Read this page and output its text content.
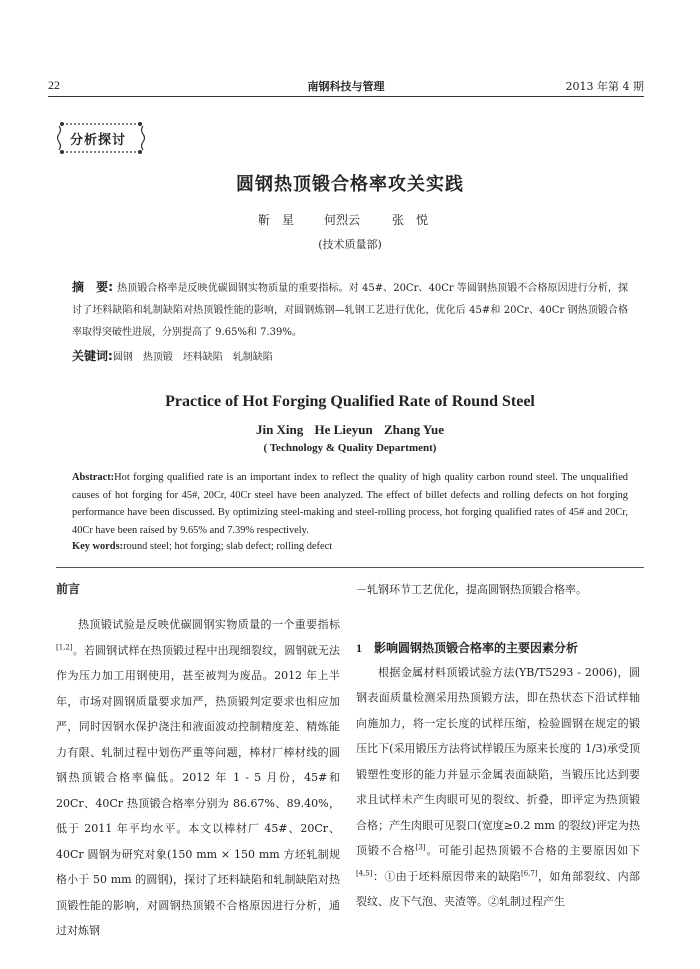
22	南钢科技与管理	2013 年第 4 期
分析探讨
圆钢热顶锻合格率攻关实践
靳　星 何烈云	张　悦
(技术质量部)
摘　要: 热顶锻合格率是反映优碳圆钢实物质量的重要指标。对 45#、20Cr、40Cr 等圆钢热顶锻不合格原因进行分析，探讨了坯料缺陷和轧制缺陷对热顶锻性能的影响，对圆钢炼钢—轧钢工艺进行优化，优化后 45#和 20Cr、40Cr 钢热顶锻合格率取得突破性进展，分别提高了 9.65%和 7.39%。
关键词:圆钢 热顶锻 坯料缺陷 轧制缺陷
Practice of Hot Forging Qualified Rate of Round Steel
Jin Xing He Lieyun Zhang Yue
( Technology & Quality Department)
Abstract:Hot forging qualified rate is an important index to reflect the quality of high quality carbon round steel. The unqualified causes of hot forging for 45#, 20Cr, 40Cr steel have been analyzed. The effect of billet defects and rolling defects on hot forging performance have been discussed. By optimizing steel-making and steel-rolling process, hot forging qualified rates of 45# and 20Cr, 40Cr have been raised by 9.65% and 7.39% respectively.
Key words:round steel; hot forging; slab defect; rolling defect
前言

热顶锻试验是反映优碳圆钢实物质量的一个重要指标[1,2]。若圆钢试样在热顶锻过程中出现细裂纹，圆钢就无法作为压力加工用钢使用，甚至被判为废品。2012 年上半年，市场对圆钢质量要求加严，热顶锻判定要求也相应加严，同时因钢水保护浇注和液面波动控制精度差、精炼能力有限、轧制过程中划伤严重等问题，棒材厂棒材线的圆钢热顶锻合格率偏低。2012 年 1 - 5 月份，45#和 20Cr、40Cr 热顶锻合格率分别为 86.67%、89.40%，低于 2011 年平均水平。本文以棒材厂 45#、20Cr、40Cr 圆钢为研究对象(150 mm × 150 mm 方坯轧制规格小于 50 mm 的圆钢)，探讨了坯料缺陷和轧制缺陷对热顶锻性能的影响，对圆钢热顶锻不合格原因进行分析，通过对炼钢

－轧钢环节工艺优化，提高圆钢热顶锻合格率。

1 影响圆钢热顶锻合格率的主要因素分析

根据金属材料顶锻试验方法(YB/T5293 - 2006)，圆钢表面质量检测采用热顶锻方法，即在热状态下沿试样轴向施加力，将一定长度的试样压缩，检验圆钢在规定的锻压比下(采用锻压方法将试样锻压为原来长度的 1/3)承受顶锻塑性变形的能力并显示金属表面缺陷，当锻压比达到要求且试样未产生肉眼可见的裂纹、折叠，即评定为热顶锻合格；产生肉眼可见裂口(宽度≥0.2 mm 的裂纹)评定为热顶锻不合格[3]。可能引起热顶锻不合格的主要原因如下[4,5]：①由于坯料原因带来的缺陷[6,7]，如角部裂纹、内部裂纹、皮下气泡、夹渣等。②轧制过程产生
